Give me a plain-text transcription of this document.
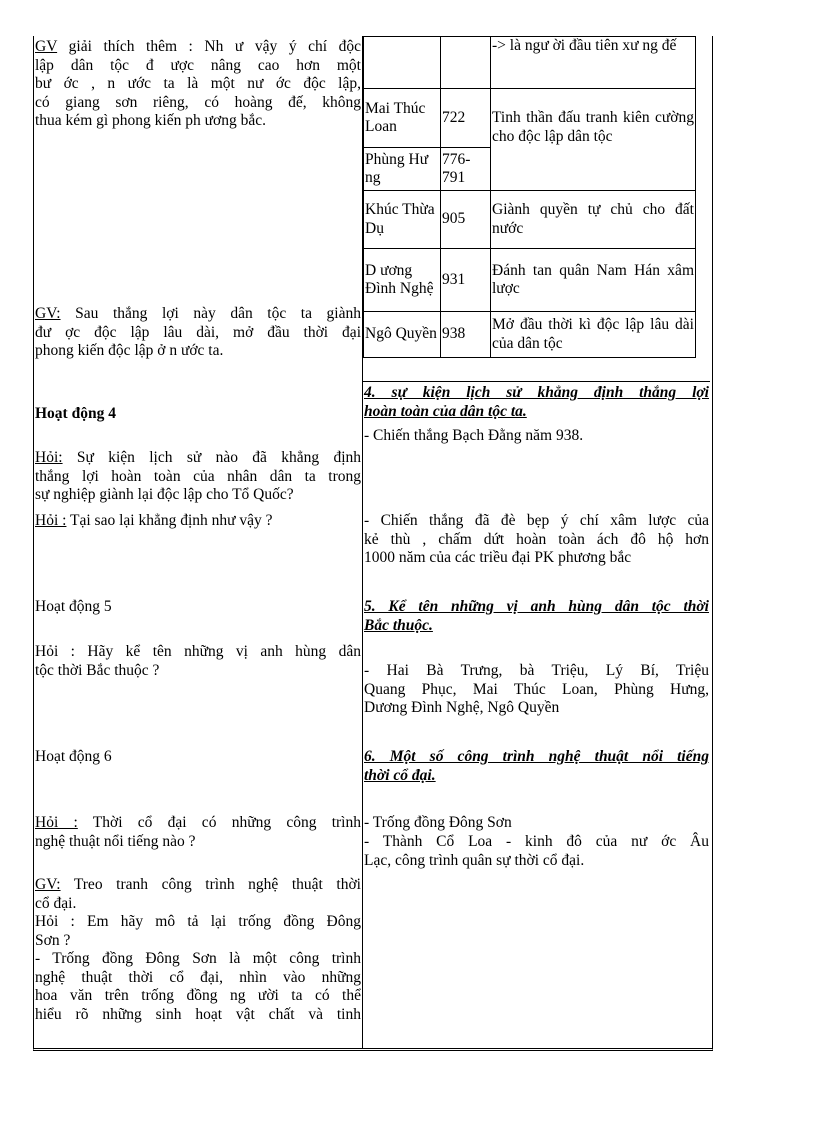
GV giải thích thêm : Nh ư vậy ý chí độc
lập dân tộc đ ược nâng cao hơn một
bư ớc , n ước ta là một nư ớc độc lập,
có giang sơn riêng, có hoàng đế, không
thua kém gì phong kiến ph ương bắc.
GV: Sau thắng lợi này dân tộc ta giành
đư ợc độc lập lâu dài, mở đầu thời đại
phong kiến độc lập ở n ước ta.
Hoạt động 4
Hỏi: Sự kiện lịch sử nào đã khẳng định
thắng lợi hoàn toàn của nhân dân ta trong
sự nghiệp giành lại độc lập cho Tổ Quốc?
Hỏi : Tại sao lại khẳng định như vậy ?
Hoạt động 5
Hỏi : Hãy kể tên những vị anh hùng dân
tộc thời Bắc thuộc ?
Hoạt động 6
Hỏi : Thời cổ đại có những công trình
nghệ thuật nổi tiếng nào ?
GV: Treo tranh công trình nghệ thuật thời
cổ đại.
Hỏi : Em hãy mô tả lại trống đồng Đông
Sơn ?
- Trống đồng Đông Sơn là một công trình
nghệ thuật thời cổ đại, nhìn vào những
hoa văn trên trống đồng ng ười ta có thể
hiểu rõ những sinh hoạt vật chất và tinh
		-> là ngư ời đầu tiên xư ng đế
Mai Thúc Loan	722	Tinh thần đấu tranh kiên cường cho độc lập dân tộc
Phùng Hư ng	776-791	
Khúc Thừa Dụ	905	Giành quyền tự chủ cho đất nước
D ương Đình Nghệ	931	Đánh tan quân Nam Hán xâm lược
Ngô Quyền	938	Mở đầu thời kì độc lập lâu dài của dân tộc
4. sự kiện lịch sử khẳng định thắng lợi
hoàn toàn của dân tộc ta.
- Chiến thắng Bạch Đằng năm 938.
- Chiến thắng đã đè bẹp ý chí xâm lược của
kẻ thù , chấm dứt hoàn toàn ách đô hộ hơn
1000 năm của các triều đại PK phương bắc
5. Kể tên những vị anh hùng dân tộc thời
Bắc thuộc.
- Hai Bà Trưng, bà Triệu, Lý Bí, Triệu
Quang Phục, Mai Thúc Loan, Phùng Hưng,
Dương Đình Nghệ, Ngô Quyền
6. Một số công trình nghệ thuật nổi tiếng
thời cổ đại.
- Trống đồng Đông Sơn
- Thành Cổ Loa - kinh đô của nư ớc Âu
Lạc, công trình quân sự thời cổ đại.
